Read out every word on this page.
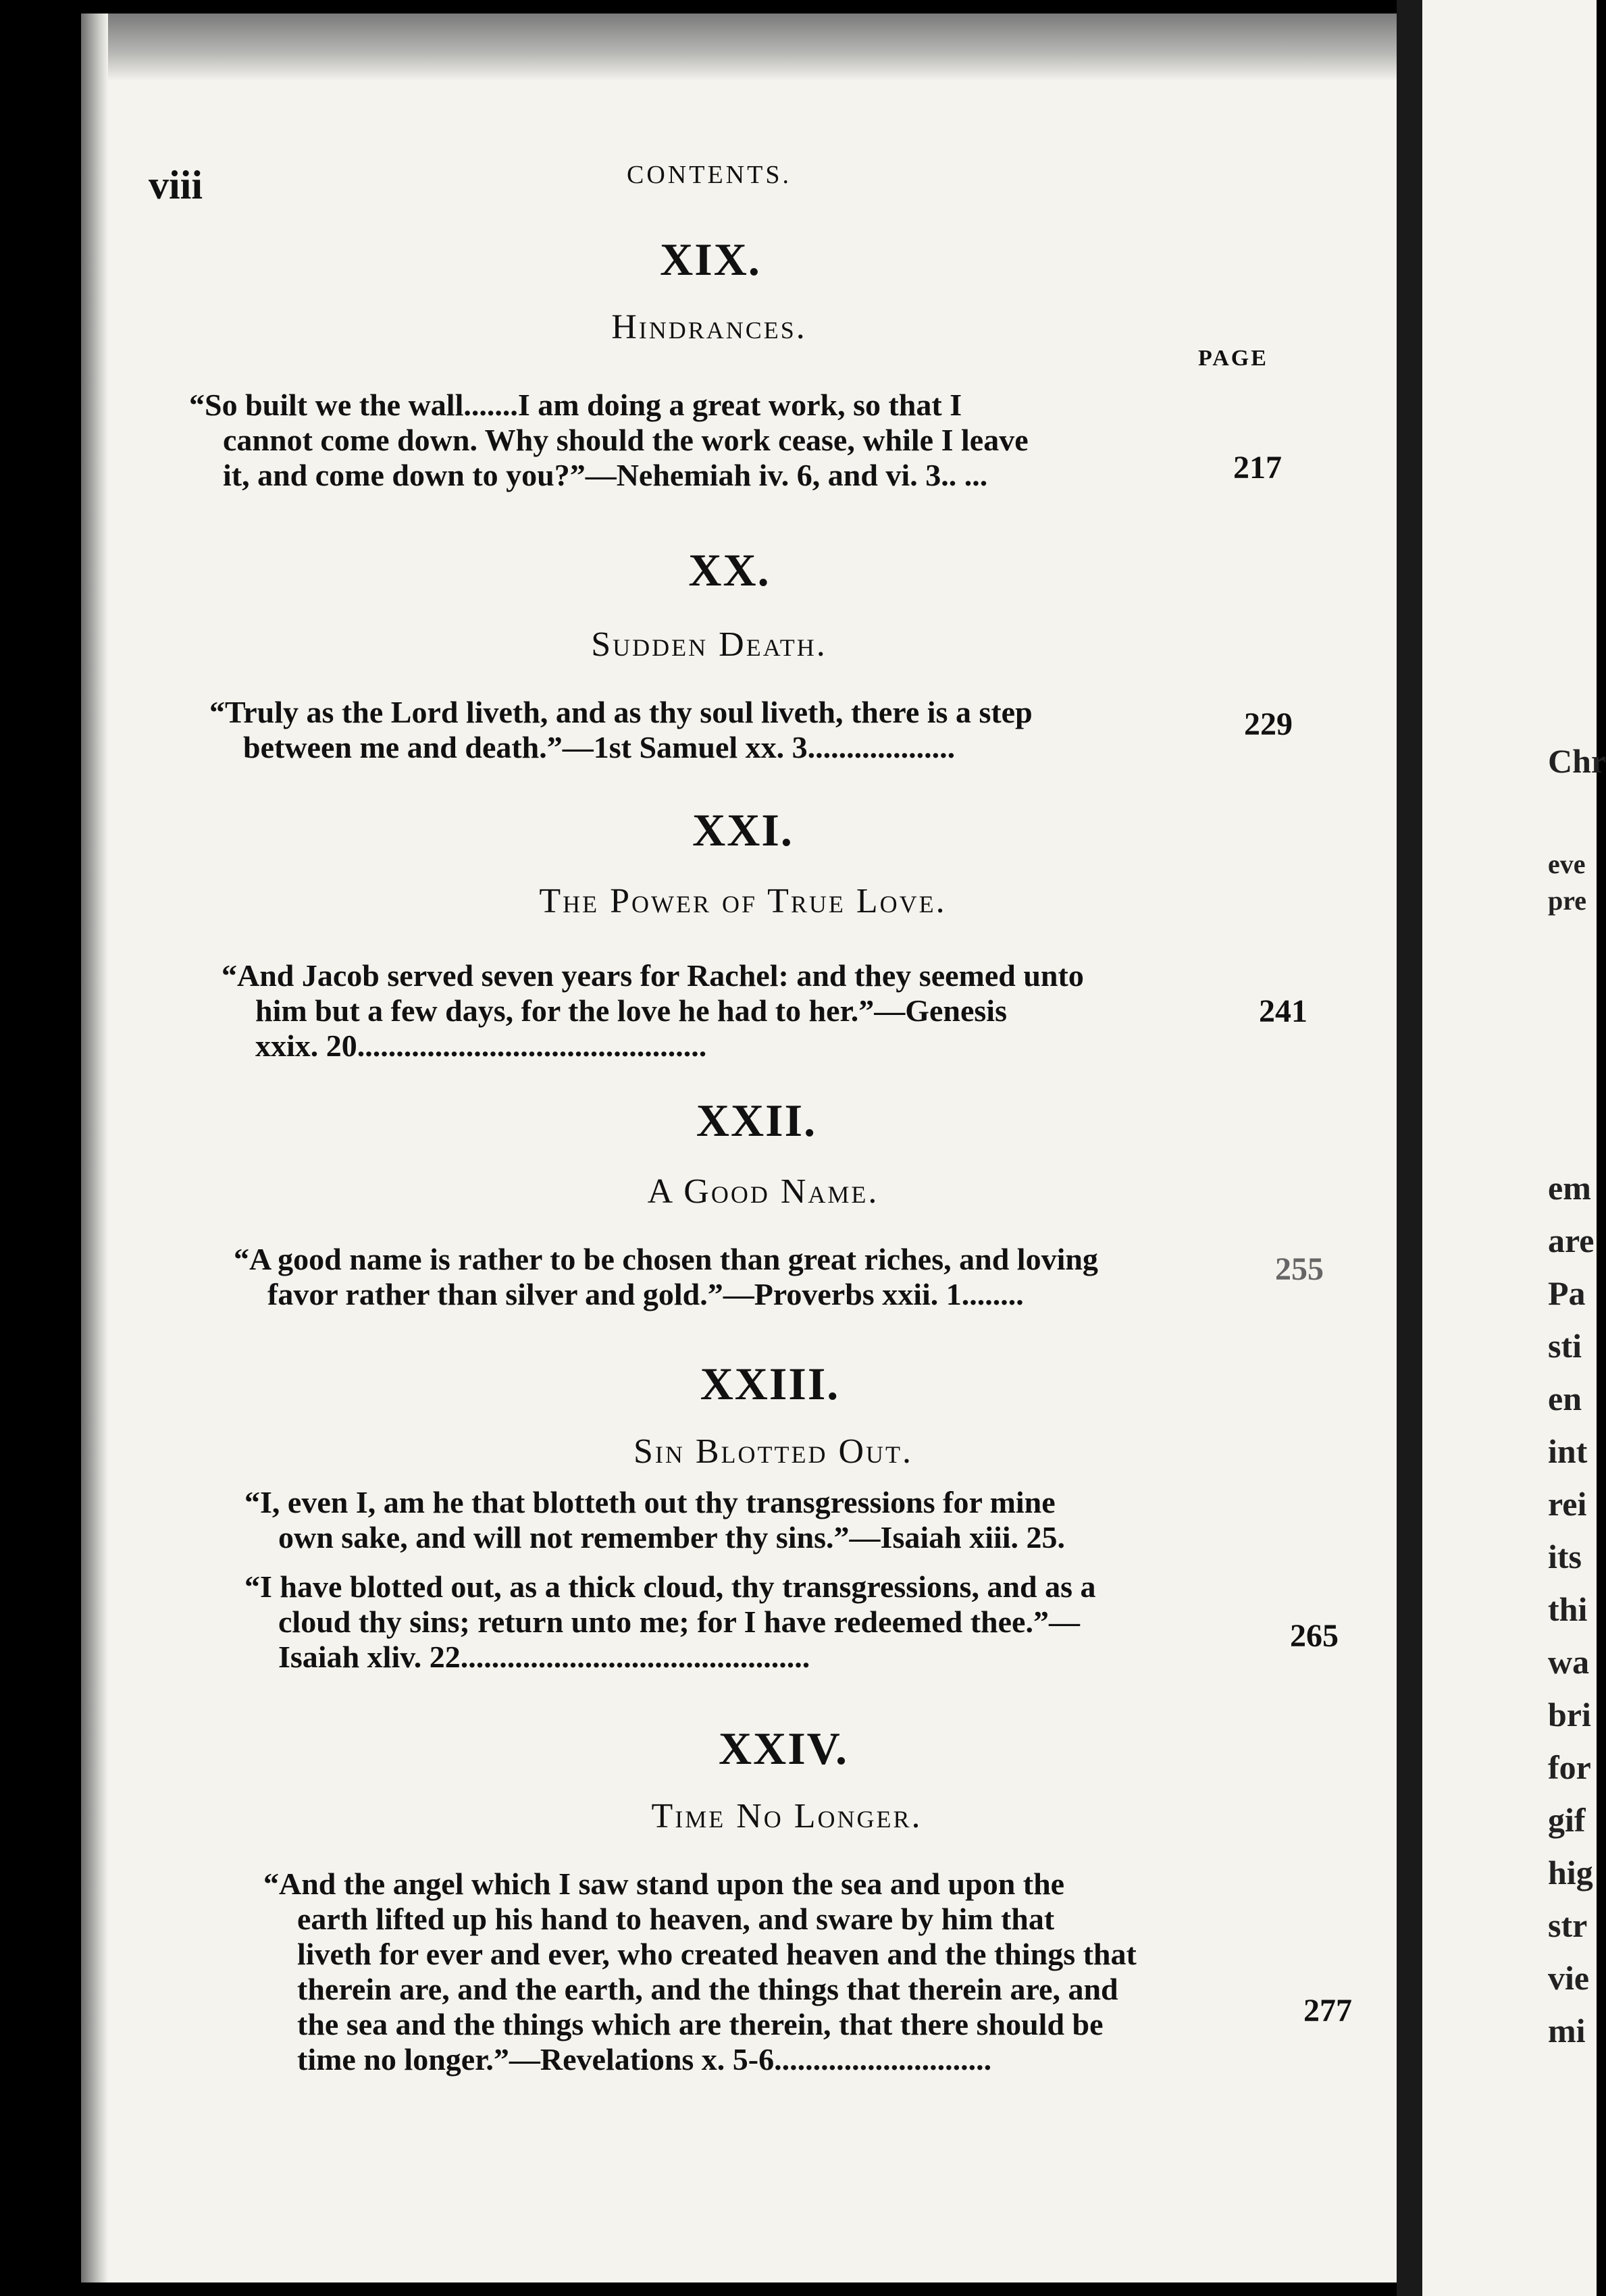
Chr
eve
pre
em
are
Pa
sti
en
int
rei
its
thi
wa
bri
for
gif
hig
str
vie
mi
viii	CONTENTS.
XIX.
Hindrances.
PAGE
“So built we the wall.......I am doing a great work, so that I
cannot come down. Why should the work cease, while I leave
it, and come down to you?”—Nehemiah iv. 6, and vi. 3.. ...	217
XX.
Sudden Death.
“Truly as the Lord liveth, and as thy soul liveth, there is a step
between me and death.”—1st Samuel xx. 3...................
229
XXI.
The Power of True Love.
“And Jacob served seven years for Rachel: and they seemed unto
him but a few days, for the love he had to her.”—Genesis
xxix. 20.............................................
241
XXII.
A Good Name.
“A good name is rather to be chosen than great riches, and loving
favor rather than silver and gold.”—Proverbs xxii. 1........
255
XXIII.
Sin Blotted Out.
“I, even I, am he that blotteth out thy transgressions for mine
own sake, and will not remember thy sins.”—Isaiah xiii. 25.
“I have blotted out, as a thick cloud, thy transgressions, and as a
cloud thy sins; return unto me; for I have redeemed thee.”—
Isaiah xliv. 22.............................................
265
XXIV.
Time No Longer.
“And the angel which I saw stand upon the sea and upon the
earth lifted up his hand to heaven, and sware by him that
liveth for ever and ever, who created heaven and the things that
therein are, and the earth, and the things that therein are, and
the sea and the things which are therein, that there should be
time no longer.”—Revelations x. 5-6............................
277
